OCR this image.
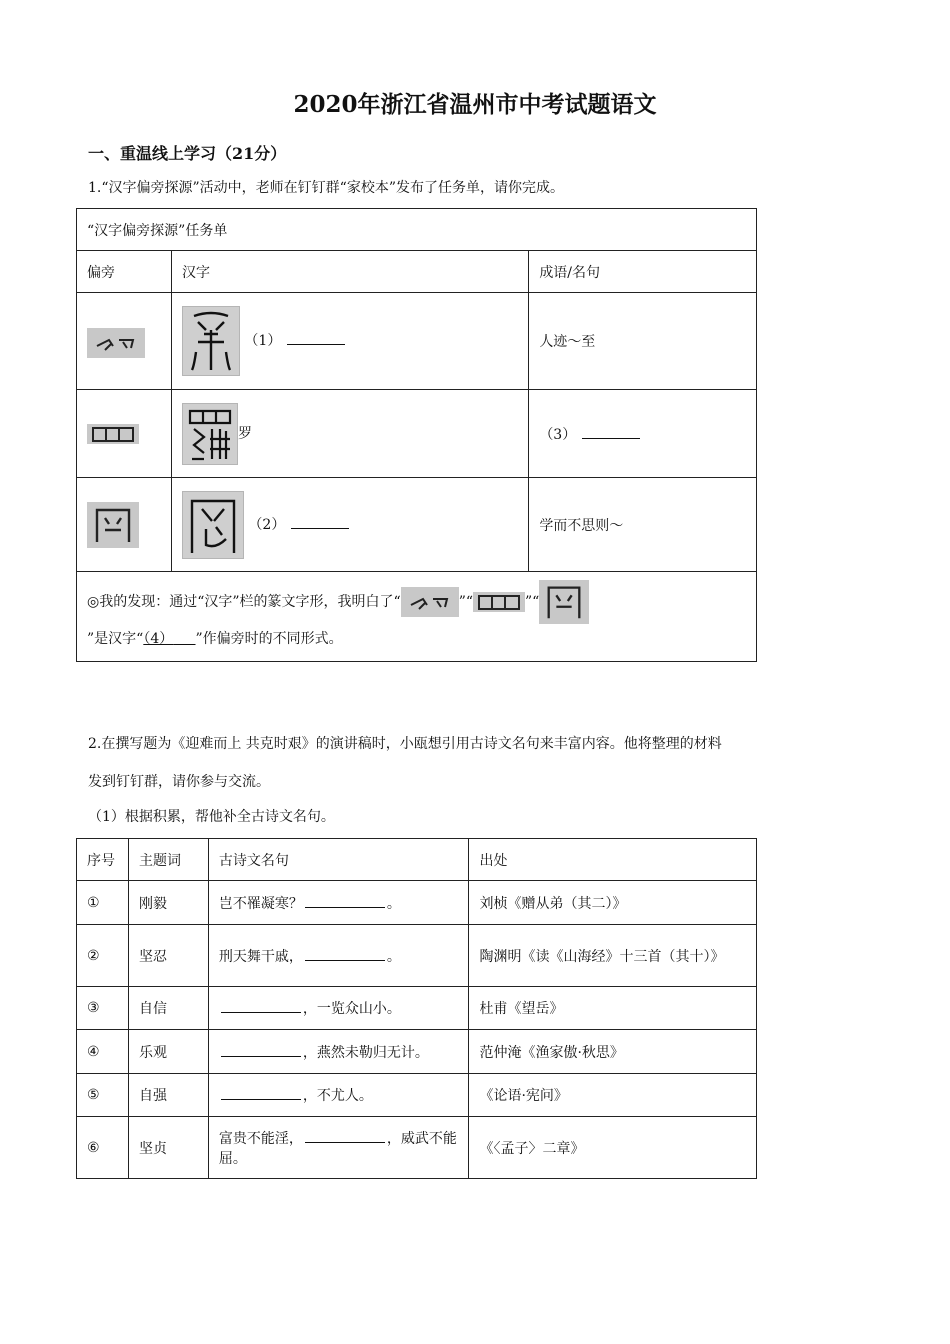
2020年浙江省温州市中考试题语文
一、重温线上学习（21分）
1.“汉字偏旁探源”活动中，老师在钉钉群“家校本”发布了任务单，请你完成。
“汉字偏旁探源”任务单		
偏旁	汉字	成语/名句

（1）	人迹～至

罗	（3）

（2）	学而不思则～
◎我的发现：通过“汉字”栏的篆文字形，我明白了“ ”“ ”“

”是汉字“（4） ”作偏旁时的不同形式。		
2.在撰写题为《迎难而上 共克时艰》的演讲稿时，小瓯想引用古诗文名句来丰富内容。他将整理的材料
发到钉钉群，请你参与交流。
（1）根据积累，帮他补全古诗文名句。
序号	主题词	古诗文名句	出处
①	刚毅	岂不罹凝寒？ 。	刘桢《赠从弟（其二）》
②	坚忍	刑天舞干戚， 。	陶渊明《读《山海经》十三首（其十）》
③	自信	，一览众山小。	杜甫《望岳》
④	乐观	，燕然未勒归无计。	范仲淹《渔家傲·秋思》
⑤	自强	，不尤人。	《论语·宪问》
⑥	坚贞	富贵不能淫， ，威武不能屈。	《〈孟子〉二章》
